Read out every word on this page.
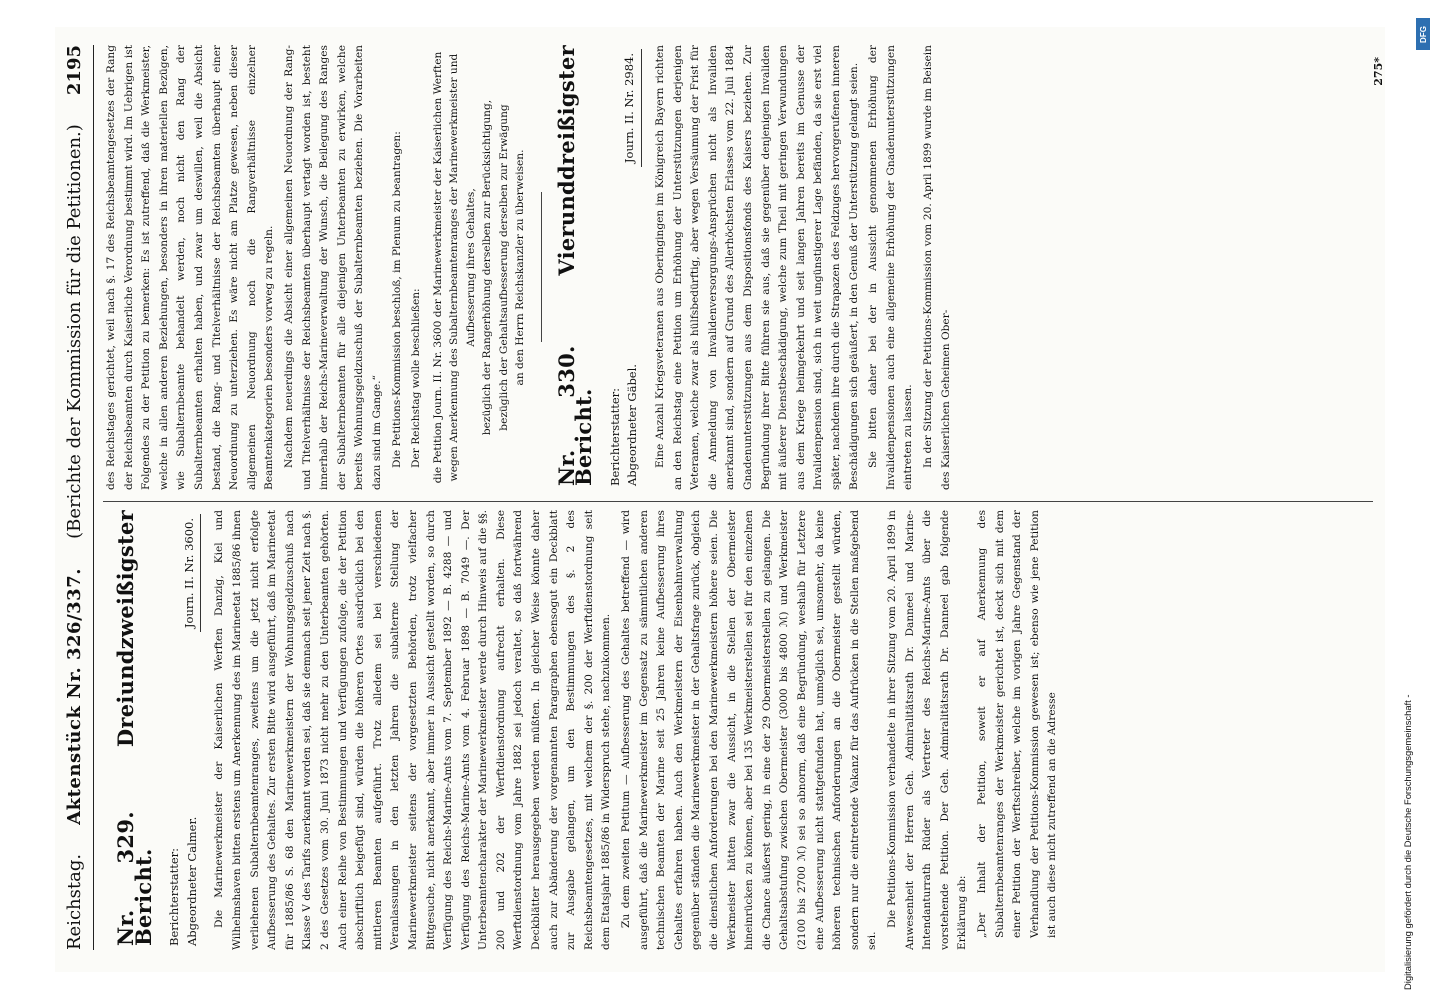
Reichstag.
Aktenstück Nr. 326/337.
(Berichte der Kommission für die Petitionen.)
2195
Nr. 329. Dreiundzweißigster Bericht. Berichterstatter: Abgeordneter Calmer.
Journ. II. Nr. 3600.	Die Marinewerkmeister der Kaiserlichen Werften Danzig, Kiel und Wilhelmshaven bitten erstens um Anerkennung des im Marineetat 1885/86 ihnen verliehenen Subalternbeamtenranges, zweitens um die jetzt nicht erfolgte Aufbesserung des Gehaltes. Zur ersten Bitte wird ausgeführt, daß im Marineetat für 1885/86 S. 68 den Marinewerkmeistern der Wohnungsgeldzuschuß nach Klasse V des Tarifs zuerkannt worden sei, daß sie demnach seit jener Zeit nach §. 2 des Gesetzes vom 30. Juni 1873 nicht mehr zu den Unterbeamten gehörten. Auch einer Reihe von Bestimmungen und Verfügungen zufolge, die der Petition abschriftlich beigefügt sind, würden die höheren Ortes ausdrücklich bei den mittleren Beamten aufgeführt. Trotz alledem sei bei verschiedenen Veranlassungen in den letzten Jahren die subalterne Stellung der Marinewerkmeister seitens der vorgesetzten Behörden, trotz vielfacher Bittgesuche, nicht anerkannt, aber immer in Aussicht gestellt worden, so durch Verfügung des Reichs-Marine-Amts vom 7. September 1892 — B. 4288 — und Verfügung des Reichs-Marine-Amts vom 4. Februar 1898 — B. 7049 —. Der Unterbeamtencharakter der Marinewerkmeister werde durch Hinweis auf die §§. 200 und 202 der Werftdienstordnung aufrecht erhalten. Diese Werftdienstordnung vom Jahre 1882 sei jedoch veraltet, so daß fortwährend Deckblätter herausgegeben werden müßten. In gleicher Weise könnte daher auch zur Abänderung der vorgenannten Paragraphen ebensogut ein Deckblatt zur Ausgabe gelangen, um den Bestimmungen des §. 2 des Reichsbeamtengesetzes, mit welchem der §. 200 der Werftdienstordnung seit dem Etatsjahr 1885/86 in Widerspruch stehe, nachzukommen. Zu dem zweiten Petitum — Aufbesserung des Gehaltes betreffend — wird ausgeführt, daß die Marinewerkmeister im Gegensatz zu sämmtlichen anderen technischen Beamten der Marine seit 25 Jahren keine Aufbesserung ihres Gehaltes erfahren haben. Auch den Werkmeistern der Eisenbahnverwaltung gegenüber ständen die Marinewerkmeister in der Gehaltsfrage zurück, obgleich die dienstlichen Anforderungen bei den Marinewerkmeistern höhere seien. Die Werkmeister hätten zwar die Aussicht, in die Stellen der Obermeister hineinrücken zu können, aber bei 135 Werkmeisterstellen sei für den einzelnen die Chance äußerst gering, in eine der 29 Obermeisterstellen zu gelangen. Die Gehaltsabstufung zwischen Obermeister (3000 bis 4800 ℳ) und Werkmeister (2100 bis 2700 ℳ) sei so abnorm, daß eine Begründung, weshalb für Letztere eine Aufbesserung nicht stattgefunden hat, unmöglich sei, umsomehr, da keine höheren technischen Anforderungen an die Obermeister gestellt würden, sondern nur die eintretende Vakanz für das Aufrücken in die Stellen maßgebend sei.

Die Petitions-Kommission verhandelte in ihrer Sitzung vom 20. April 1899 in Anwesenheit der Herren Geh. Admiralitätsrath Dr. Danneel und Marine-Intendanturrath Rüder als Vertreter des Reichs-Marine-Amts über die vorstehende Petition. Der Geh. Admiralitätsrath Dr. Danneel gab folgende Erklärung ab: „Der Inhalt der Petition, soweit er auf Anerkennung des Subalternbeamtenranges der Werkmeister gerichtet ist, deckt sich mit dem einer Petition der Werftschreiber, welche im vorigen Jahre Gegenstand der Verhandlung der Petitions-Kommission gewesen ist; ebenso wie jene Petition ist auch diese nicht zutreffend an die Adresse

des Reichstages gerichtet, weil nach §. 17 des Reichsbeamtengesetzes der Rang der Reichsbeamten durch Kaiserliche Verordnung bestimmt wird. Im Uebrigen ist Folgendes zu der Petition zu bemerken: Es ist zutreffend, daß die Werkmeister, welche in allen anderen Beziehungen, besonders in ihren materiellen Bezügen, wie Subalternbeamte behandelt werden, noch nicht den Rang der Subalternbeamten erhalten haben, und zwar um deswillen, weil die Absicht bestand, die Rang- und Titelverhältnisse der Reichsbeamten überhaupt einer Neuordnung zu unterziehen. Es wäre nicht am Platze gewesen, neben dieser allgemeinen Neuordnung noch die Rangverhältnisse einzelner Beamtenkategorien besonders vorweg zu regeln. Nachdem neuerdings die Absicht einer allgemeinen Neuordnung der Rang- und Titelverhältnisse der Reichsbeamten überhaupt vertagt worden ist, besteht innerhalb der Reichs-Marineverwaltung der Wunsch, die Beilegung des Ranges der Subalternbeamten für alle diejenigen Unterbeamten zu erwirken, welche bereits Wohnungsgeldzuschuß der Subalternbeamten beziehen. Die Vorarbeiten dazu sind im Gange.“ Die Petitions-Kommission beschloß, im Plenum zu beantragen: Der Reichstag wolle beschließen: die Petition Journ. II. Nr. 3600 der Marinewerkmeister der Kaiserlichen Werften wegen Anerkennung des Subalternbeamtenranges der Marinewerkmeister und Aufbesserung ihres Gehaltes, bezüglich der Rangerhöhung derselben zur Berücksichtigung, bezüglich der Gehaltsaufbesserung derselben zur Erwägung an den Herrn Reichskanzler zu überweisen.
Nr. 330. Vierunddreißigster Bericht. Berichterstatter: Abgeordneter Gäbel.
Journ. II. Nr. 2984.	Eine Anzahl Kriegsveteranen aus Oberingingen im Königreich Bayern richten an den Reichstag eine Petition um Erhöhung der Unterstützungen derjenigen Veteranen, welche zwar als hülfsbedürftig, aber wegen Versäumung der Frist für die Anmeldung von Invalidenversorgungs-Ansprüchen nicht als Invaliden anerkannt sind, sondern auf Grund des Allerhöchsten Erlasses vom 22. Juli 1884 Gnadenunterstützungen aus dem Dispositionsfonds des Kaisers beziehen. Zur Begründung ihrer Bitte führen sie aus, daß sie gegenüber denjenigen Invaliden mit äußerer Dienstbeschädigung, welche zum Theil mit geringen Verwundungen aus dem Kriege heimgekehrt und seit langen Jahren bereits im Genusse der Invalidenpension sind, sich in weit ungünstigerer Lage befänden, da sie erst viel später, nachdem ihre durch die Strapazen des Feldzuges hervorgerufenen inneren Beschädigungen sich geäußert, in den Genuß der Unterstützung gelangt seien. Sie bitten daher bei der in Aussicht genommenen Erhöhung der Invalidenpensionen auch eine allgemeine Erhöhung der Gnadenunterstützungen eintreten zu lassen. In der Sitzung der Petitions-Kommission vom 20. April 1899 wurde im Beisein des Kaiserlichen Geheimen Ober-

275*
Digitalisierung gefördert durch die Deutsche Forschungsgemeinschaft -
DFG
